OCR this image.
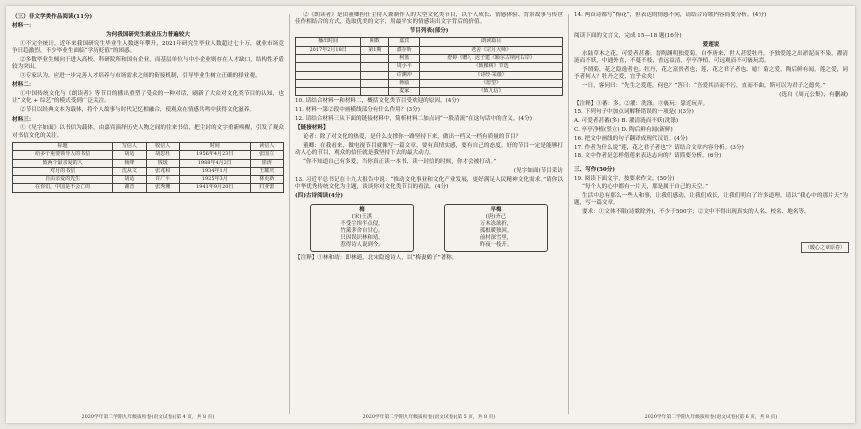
（三）非文学类作品阅读(11分)

材料一：

为何我国研究生就业压力普遍较大

①不完全统计，近年来我国研究生毕业生人数逐年攀升，2021年研究生毕业人数超过七十万，就业市场竞争日趋激烈，不少毕业生面临“学历贬值”的困惑。

②多数毕业生倾向于进入高校、科研院所和国有企业，而基层单位与中小企业则存在人才缺口，结构性矛盾较为突出。

③专家认为，应进一步完善人才培养与市场需求之间的衔接机制，引导毕业生树立正确的择业观。

材料二：

①中国传统文化与《朗读者》等节目的播出重塑了受众的一种对话，刷新了大众对文化类节目的认知，也让“文化 + 综艺”的模式受到广泛关注。

②节目以经典文本为载体，将个人故事与时代记忆相融合，使观众在情感共鸣中获得文化滋养。

材料三：

①《见字如面》以书信为载体，由嘉宾演绎历史人物之间的往来书信，把尘封的文字重新唤醒，引发了观众对书信文化的关注。

标题	写信人	收信人	时间	读信人
给多个重要领导人的书信	胡适	胡思杜	1956年4月23日	张国立
致两个最亲爱的人	杨绛	钱瑗	1988年4月2日	徐涛
对月的书信	沈从文	张兆和	1934年1月	王耀庆
自由亲爱的先生	胡适	许广平	1925年3月	林更新
在你们，中国是不会亡的	谢晋	张秀珊	1941年9月20日	归亚蕾

②《朗读者》是由董卿担任主持人兼制作人的大型文化类节目，以个人成长、情感体验、背景故事与传世佳作相结合的方式，选取优美的文字，用最平实的情感读出文字背后的价值。

节目列表(部分)

播出时间	期数	嘉宾	朗读篇目
2017年2月18日	第1期	濮存昕	老舍《宗月大师》
		柯蓝	舒婷《赠》，迟子建《额尔古纳河右岸》
		周小平	《致橡树》节选
		许渊冲	《诗经·采薇》
		蒋励	《愿望》
		麦家	《致儿信》

10. 请结合材料一和材料二，概括文化类节目受欢迎的原因。(4分)

11. 材料一第②段中画横线部分有什么作用？(3分)

12. 请结合材料三从下面的链接材料中，简析材料二加点词“一股清流”在这句话中的含义。(4分)

【链接材料】

论者：除了对文化的热爱，是什么支撑你一路坚持下来，做出一档又一档有质量的节目？

董卿：在我看来，做电视节目就像写一篇文章，要有真情实感，要有自己的态度。好的节目一定是能够打动人心的节目，观众的信任就是我坚持下去的最大动力。

“你不知道自己有多爱，当你真正读一本书、读一封信的时候，你才会被打动。”

(见字如面)节目采访

13. 习近平总书记在十九大报告中说：“推动文化事业和文化产业发展，更好满足人民精神文化需求。”请你以中华优秀传统文化为主题，谈谈你对文化类节目的看法。(4分)

(四)古诗阅读(4分)

梅
(宋)王淇
不受尘埃半点侵，
竹篱茅舍自甘心。
只因误识林和靖，
惹得诗人说到今。
早梅
(唐)齐己
万木冻欲折，
孤根暖独回。
前村深雪里，
昨夜一枝开。

【注释】①林和靖：即林逋，北宋隐逸诗人，以“梅妻鹤子”著称。

14. 两首诗都写“梅花”，但表达的情感不同，请结合诗歌内容简要分析。(4分)

阅读下面的文言文，完成 15—18 题(16分)

爱莲说

水陆草木之花，可爱者甚蕃。晋陶渊明独爱菊。自李唐来，世人甚爱牡丹。予独爱莲之出淤泥而不染，濯清涟而不妖，中通外直，不蔓不枝，香远益清，亭亭净植，可远观而不可亵玩焉。

予谓菊，花之隐逸者也；牡丹，花之富贵者也；莲，花之君子者也。噫！菊之爱，陶后鲜有闻。莲之爱，同予者何人？牡丹之爱，宜乎众矣！

一日，客问曰：“先生之爱莲，何也？”答曰：“吾爱其洁而不污，直而不曲，斯可以为君子之德矣。”

(选自《周元公集》，有删减)

【注释】①蕃：多。②濯：洗涤。③亵玩：靠近玩弄。

15. 下列句子中加点词解释错误的一项是( )(3分)

A. 可爱者甚蕃(多) B. 濯清涟而不妖(洗涤)

C. 亭亭净植(竖立) D. 陶后鲜有闻(新鲜)

16. 把文中画线的句子翻译成现代汉语。(4分)

17. 作者为什么说“莲，花之君子者也”？请结合文章内容分析。(3分)

18. 文中作者是怎样借莲来表达志向的？请简要分析。(6分)

三、写作(50分)

19. 阅读下面文字，按要求作文。(50分)

“每个人的心中都有一片天，那是属于自己的天空。”

生活中总有那么一些人和事，让我们感动，让我们成长，让我们明白了许多道理。请以“我心中的那片天”为题，写一篇文章。

要求：①文体不限(诗歌除外)，不少于500字；②文中不得出现真实的人名、校名、地名等。

（暖心之章原卷）
2020学年第二学期九年级质检卷(语文试卷)(第 4 页，共 8 页)	2020学年第二学期九年级质检卷(语文试卷)(第 5 页，共 8 页)	2020学年第二学期九年级质检卷(语文试卷)(第 6 页，共 8 页)
